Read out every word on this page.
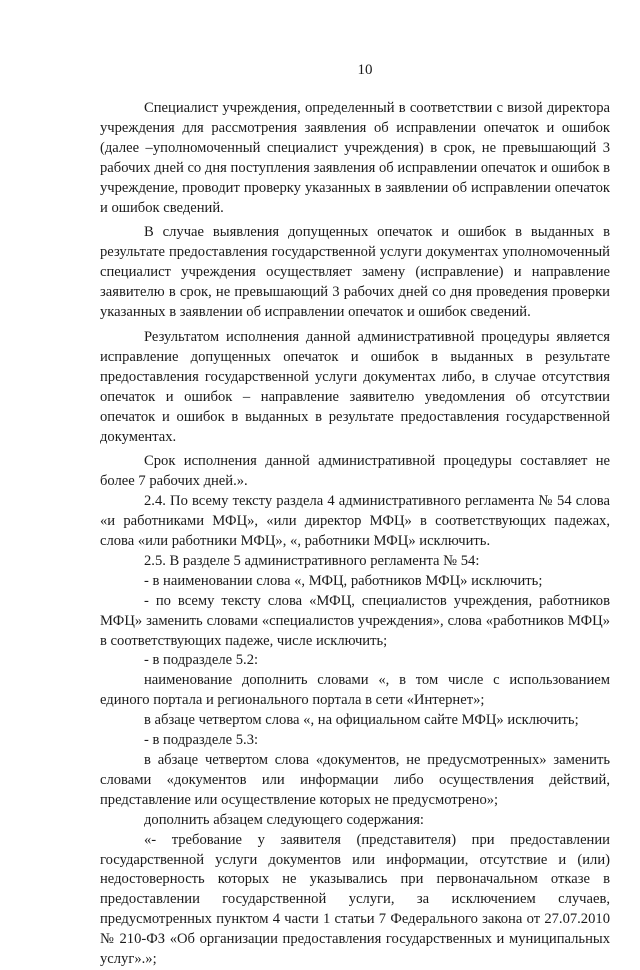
10

Специалист учреждения, определенный в соответствии с визой директора учреждения для рассмотрения заявления об исправлении опечаток и ошибок (далее –уполномоченный специалист учреждения) в срок, не превышающий 3 рабочих дней со дня поступления заявления об исправлении опечаток и ошибок в учреждение, проводит проверку указанных в заявлении об исправлении опечаток и ошибок сведений.

В случае выявления допущенных опечаток и ошибок в выданных в результате предоставления государственной услуги документах уполномоченный специалист учреждения осуществляет замену (исправление) и направление заявителю в срок, не превышающий 3 рабочих дней со дня проведения проверки указанных в заявлении об исправлении опечаток и ошибок сведений.

Результатом исполнения данной административной процедуры является исправление допущенных опечаток и ошибок в выданных в результате предоставления государственной услуги документах либо, в случае отсутствия опечаток и ошибок – направление заявителю уведомления об отсутствии опечаток и ошибок в выданных в результате предоставления государственной документах.

Срок исполнения данной административной процедуры составляет не более 7 рабочих дней.».

2.4. По всему тексту раздела 4 административного регламента № 54 слова «и работниками МФЦ», «или директор МФЦ» в соответствующих падежах, слова «или работники МФЦ», «, работники МФЦ» исключить.

2.5. В разделе 5 административного регламента № 54:

- в наименовании слова «, МФЦ, работников МФЦ» исключить;

- по всему тексту слова «МФЦ, специалистов учреждения, работников МФЦ» заменить словами «специалистов учреждения», слова «работников МФЦ» в соответствующих падеже, числе исключить;

- в подразделе 5.2:

наименование дополнить словами «, в том числе с использованием единого портала и регионального портала в сети «Интернет»;

в абзаце четвертом слова «, на официальном сайте МФЦ» исключить;

- в подразделе 5.3:

в абзаце четвертом слова «документов, не предусмотренных» заменить словами «документов или информации либо осуществления действий, представление или осуществление которых не предусмотрено»;

дополнить абзацем следующего содержания:

«- требование у заявителя (представителя) при предоставлении государственной услуги документов или информации, отсутствие и (или) недостоверность которых не указывались при первоначальном отказе в предоставлении государственной услуги, за исключением случаев, предусмотренных пунктом 4 части 1 статьи 7 Федерального закона от 27.07.2010 № 210-ФЗ «Об организации предоставления государственных и муниципальных услуг».»;
